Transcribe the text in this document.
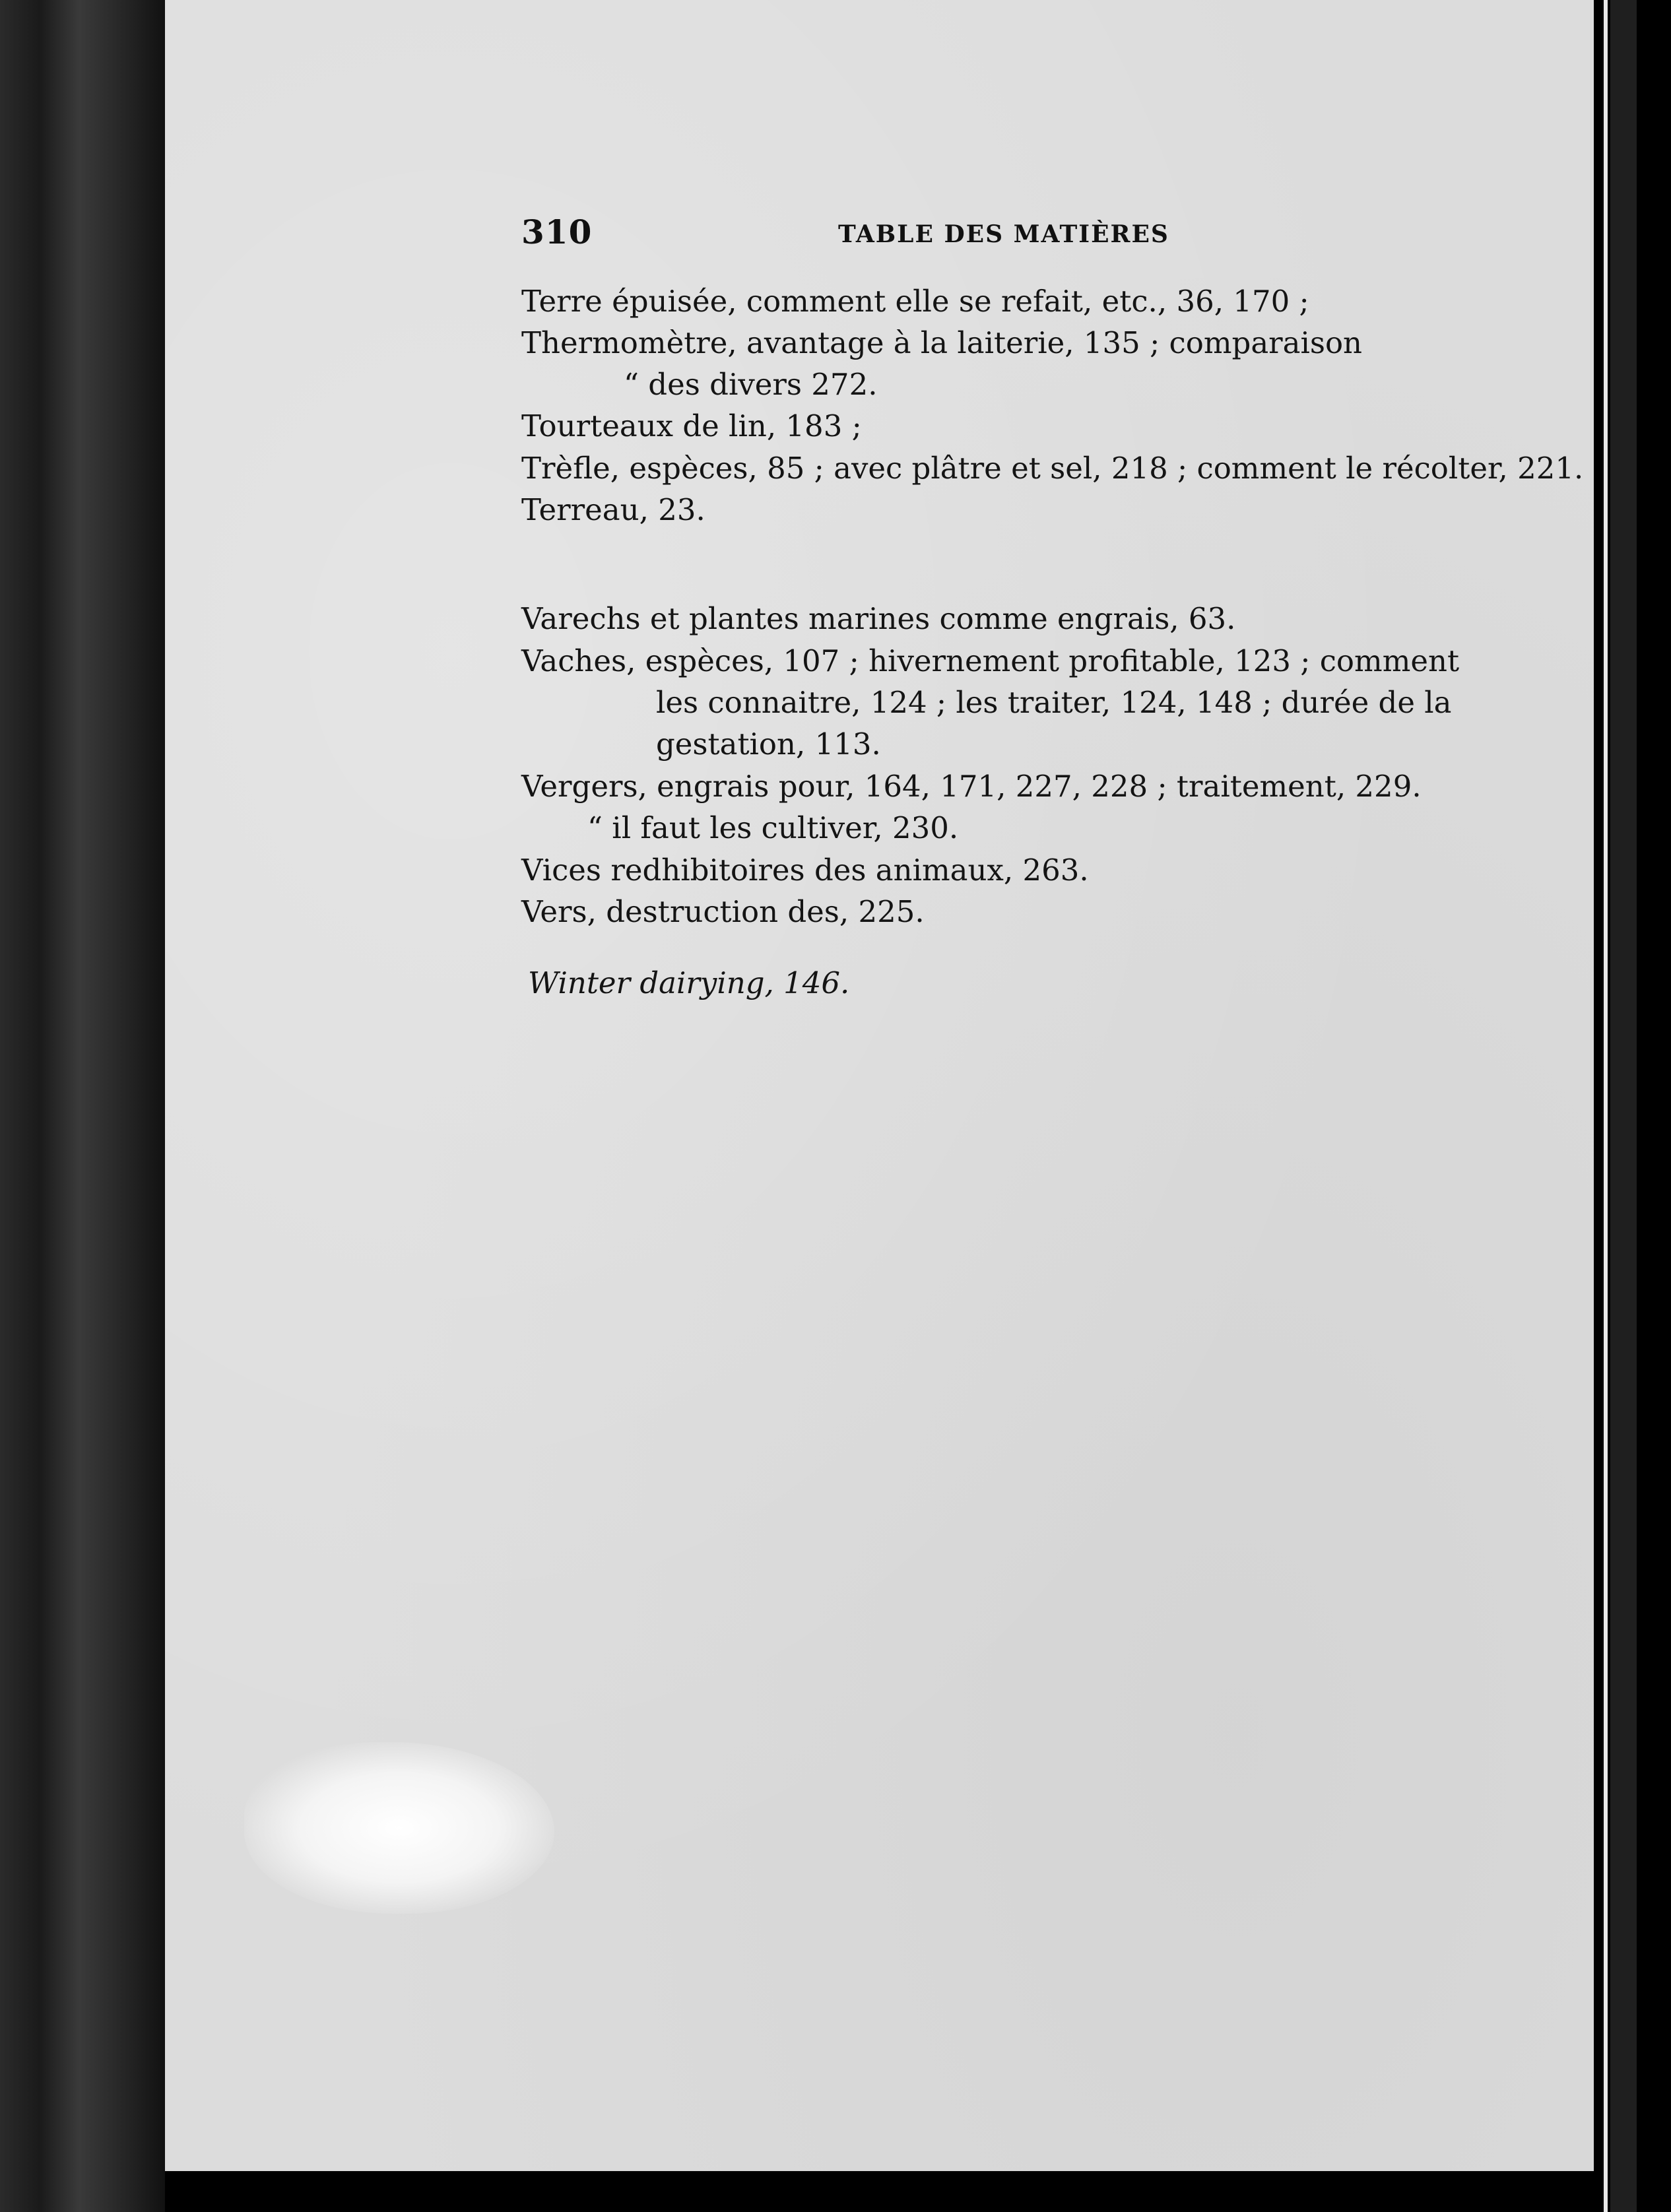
310	TABLE DES MATIÈRES
Terre épuisée, comment elle se refait, etc., 36, 170 ;
Thermomètre, avantage à la laiterie, 135 ; comparaison
“ des divers 272.
Tourteaux de lin, 183 ;
Trèfle, espèces, 85 ; avec plâtre et sel, 218 ; comment le récolter, 221.
Terreau, 23.
Varechs et plantes marines comme engrais, 63.
Vaches, espèces, 107 ; hivernement profitable, 123 ; comment
les connaitre, 124 ; les traiter, 124, 148 ; durée de la
gestation, 113.
Vergers, engrais pour, 164, 171, 227, 228 ; traitement, 229.
“ il faut les cultiver, 230.
Vices redhibitoires des animaux, 263.
Vers, destruction des, 225.
Winter dairying, 146.
